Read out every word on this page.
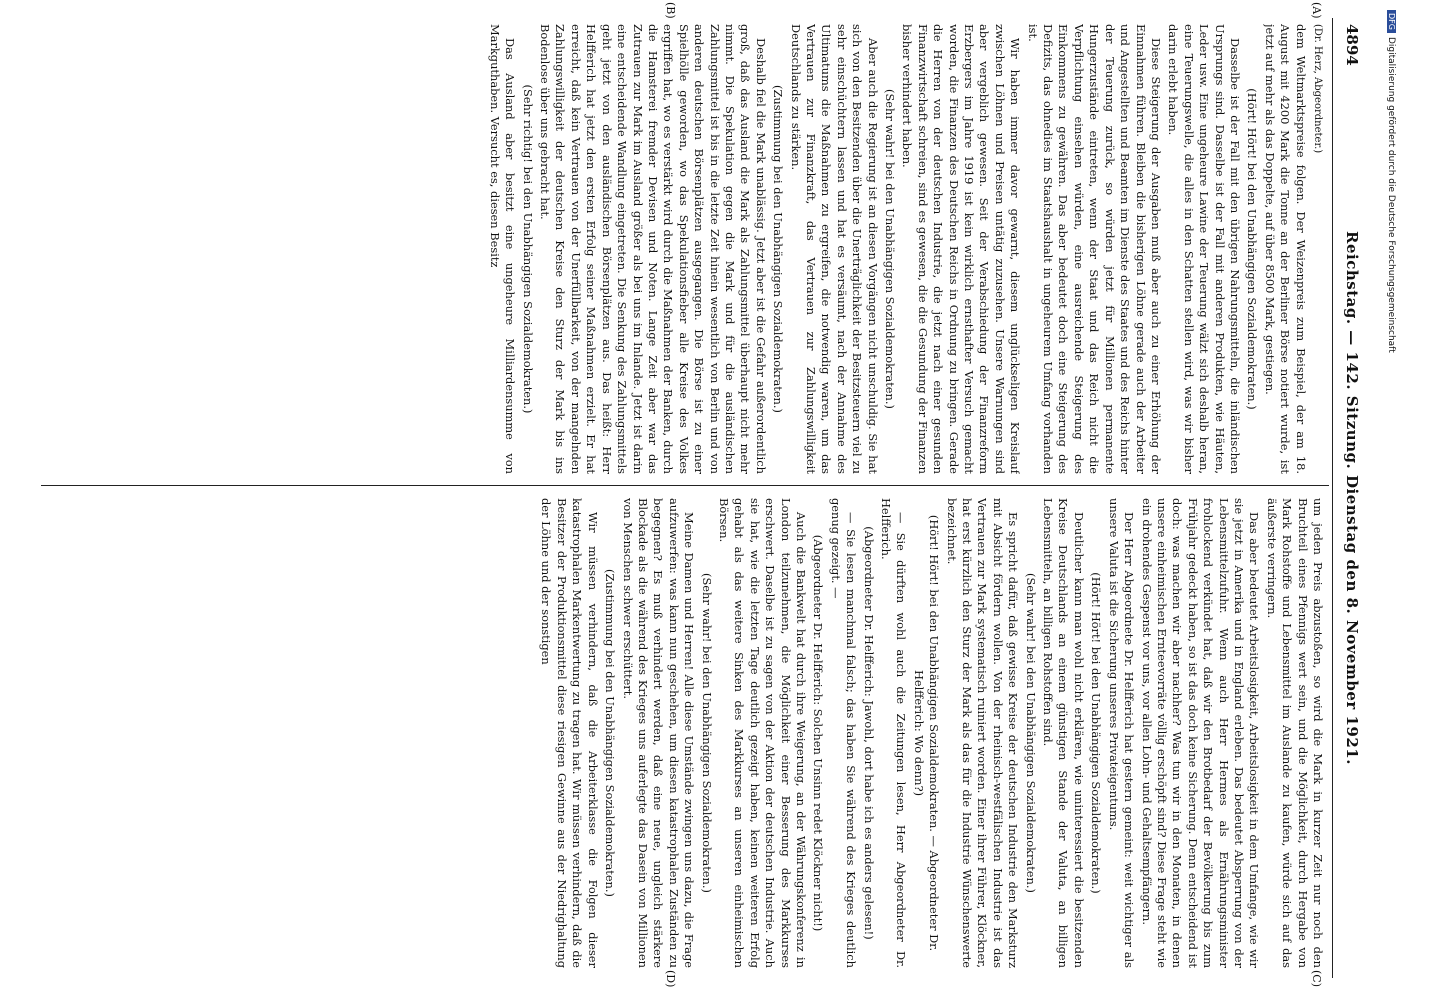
4894
Reichstag. — 142. Sitzung. Dienstag den 8. November 1921.
(Dr. Herz, Abgeordneter.)

dem Weltmarktspreise folgen. Der Weizenpreis zum Beispiel, der am 18. August mit 4200 Mark die Tonne an der Berliner Börse notiert wurde, ist jetzt auf mehr als das Doppelte, auf über 8500 Mark, gestiegen.

(Hört! Hört! bei den Unabhängigen Sozialdemokraten.)

Dasselbe ist der Fall mit den übrigen Nahrungsmitteln, die inländischen Ursprungs sind. Dasselbe ist der Fall mit anderen Produkten, wie Häuten, Leder usw. Eine ungeheure Lawine der Teuerung wälzt sich deshalb heran, eine Teuerungswelle, die alles in den Schatten stellen wird, was wir bisher darin erlebt haben.

Diese Steigerung der Ausgaben muß aber auch zu einer Erhöhung der Einnahmen führen. Bleiben die bisherigen Löhne gerade auch der Arbeiter und Angestellten und Beamten im Dienste des Staates und des Reichs hinter der Teuerung zurück, so würden jetzt für Millionen permanente Hungerzustände eintreten, wenn der Staat und das Reich nicht die Verpflichtung einsehen würden, eine ausreichende Steigerung des Einkommens zu gewähren. Das aber bedeutet doch eine Steigerung des Defizits, das ohnedies im Staatshaushalt in ungeheurem Umfang vorhanden ist.

Wir haben immer davor gewarnt, diesem unglückseligen Kreislauf zwischen Löhnen und Preisen untätig zuzusehen. Unsere Warnungen sind aber vergeblich gewesen. Seit der Verabschiedung der Finanzreform Erzbergers im Jahre 1919 ist kein wirklich ernsthafter Versuch gemacht worden, die Finanzen des Deutschen Reichs in Ordnung zu bringen. Gerade die Herren von der deutschen Industrie, die jetzt nach einer gesunden Finanzwirtschaft schreien, sind es gewesen, die die Gesundung der Finanzen bisher verhindert haben.

(Sehr wahr! bei den Unabhängigen Sozialdemokraten.)

Aber auch die Regierung ist an diesen Vorgängen nicht unschuldig. Sie hat sich von den Besitzenden über die Unerträglichkeit der Besitzsteuern viel zu sehr einschüchtern lassen und hat es versäumt, nach der Annahme des Ultimatums die Maßnahmen zu ergreifen, die notwendig waren, um das Vertrauen zur Finanzkraft, das Vertrauen zur Zahlungswilligkeit Deutschlands zu stärken.

(Zustimmung bei den Unabhängigen Sozialdemokraten.)

Deshalb fiel die Mark unablässig. Jetzt aber ist die Gefahr außerordentlich groß, daß das Ausland die Mark als Zahlungsmittel überhaupt nicht mehr nimmt. Die Spekulation gegen die Mark und für die ausländischen Zahlungsmittel ist bis in die letzte Zeit hinein wesentlich von Berlin und von anderen deutschen Börsenplätzen ausgegangen. Die Börse ist zu einer Spielhölle geworden, wo das Spekulationsfieber alle Kreise des Volkes ergriffen hat, wo es verstärkt wird durch die Maßnahmen der Banken, durch die Hamsterei fremder Devisen und Noten. Lange Zeit aber war das Zutrauen zur Mark im Ausland größer als bei uns im Inlande. Jetzt ist darin eine entscheidende Wandlung eingetreten. Die Senkung des Zahlungsmittels geht jetzt von den ausländischen Börsenplätzen aus. Das heißt: Herr Helfferich hat jetzt den ersten Erfolg seiner Maßnahmen erzielt. Er hat erreicht, daß kein Vertrauen von der Unerfüllbarkeit, von der mangelnden Zahlungswilligkeit der deutschen Kreise den Sturz der Mark bis ins Bodenlose über uns gebracht hat.

(Sehr richtig! bei den Unabhängigen Sozialdemokraten.)

Das Ausland aber besitzt eine ungeheure Milliardensumme von Markguthaben. Versucht es, diesen Besitz

um jeden Preis abzustoßen, so wird die Mark in kurzer Zeit nur noch den Bruchteil eines Pfennigs wert sein, und die Möglichkeit, durch Hergabe von Mark Rohstoffe und Lebensmittel im Auslande zu kaufen, würde sich auf das äußerste verringern.

Das aber bedeutet Arbeitslosigkeit, Arbeitslosigkeit in dem Umfange, wie wir sie jetzt in Amerika und in England erleben. Das bedeutet Absperrung von der Lebensmittelzufuhr. Wenn auch Herr Hermes als Ernährungsminister frohlockend verkündet hat, daß wir den Brotbedarf der Bevölkerung bis zum Frühjahr gedeckt haben, so ist das doch keine Sicherung. Denn entscheidend ist doch: was machen wir aber nachher? Was tun wir in den Monaten, in denen unsere einheimischen Ernteevorräte völlig erschöpft sind? Diese Frage steht wie ein drohendes Gespenst vor uns, vor allen Lohn- und Gehaltsempfängern.

Der Herr Abgeordnete Dr. Helfferich hat gestern gemeint: weit wichtiger als unsere Valuta ist die Sicherung unseres Privateigentums.

(Hört! Hört! bei den Unabhängigen Sozialdemokraten.)

Deutlicher kann man wohl nicht erklären, wie uninteressiert die besitzenden Kreise Deutschlands an einem günstigen Stande der Valuta, an billigen Lebensmitteln, an billigen Rohstoffen sind.

(Sehr wahr! bei den Unabhängigen Sozialdemokraten.)

Es spricht dafür, daß gewisse Kreise der deutschen Industrie den Marksturz mit Absicht fördern wollen. Von der rheinisch-westfälischen Industrie ist das Vertrauen zur Mark systematisch ruiniert worden. Einer ihrer Führer, Klöckner, hat erst kürzlich den Sturz der Mark als das für die Industrie Wünschenswerte bezeichnet.

(Hört! Hört! bei den Unabhängigen Sozialdemokraten. — Abgeordneter Dr. Helfferich: Wo denn?)

— Sie dürften wohl auch die Zeitungen lesen, Herr Abgeordneter Dr. Helfferich.

(Abgeordneter Dr. Helfferich: Jawohl, dort habe ich es anders gelesen!)

— Sie lesen manchmal falsch; das haben Sie während des Krieges deutlich genug gezeigt. —

(Abgeordneter Dr. Helfferich: Solchen Unsinn redet Klöckner nicht!)

Auch die Bankwelt hat durch ihre Weigerung, an der Währungskonferenz in London teilzunehmen, die Möglichkeit einer Besserung des Markkurses erschwert. Daselbe ist zu sagen von der Aktion der deutschen Industrie. Auch sie hat, wie die letzten Tage deutlich gezeigt haben, keinen weiteren Erfolg gehabt als das weitere Sinken des Markkurses an unseren einheimischen Börsen.

(Sehr wahr! bei den Unabhängigen Sozialdemokraten.)

Meine Damen und Herren! Alle diese Umstände zwingen uns dazu, die Frage aufzuwerfen: was kann nun geschehen, um diesen katastrophalen Zuständen zu begegnen? Es muß verhindert werden, daß eine neue, ungleich stärkere Blockade als die während des Krieges uns auferlegte das Dasein von Millionen von Menschen schwer erschüttert.

(Zustimmung bei den Unabhängigen Sozialdemokraten.)

Wir müssen verhindern, daß die Arbeiterklasse die Folgen dieser katastrophalen Markentwertung zu tragen hat. Wir müssen verhindern, daß die Besitzer der Produktionsmittel diese riesigen Gewinne aus der Niedrighaltung der Löhne und der sonstigen

(A)
(B)
(C)
(D)
DFGDigitalisierung gefördert durch die Deutsche Forschungsgemeinschaft
